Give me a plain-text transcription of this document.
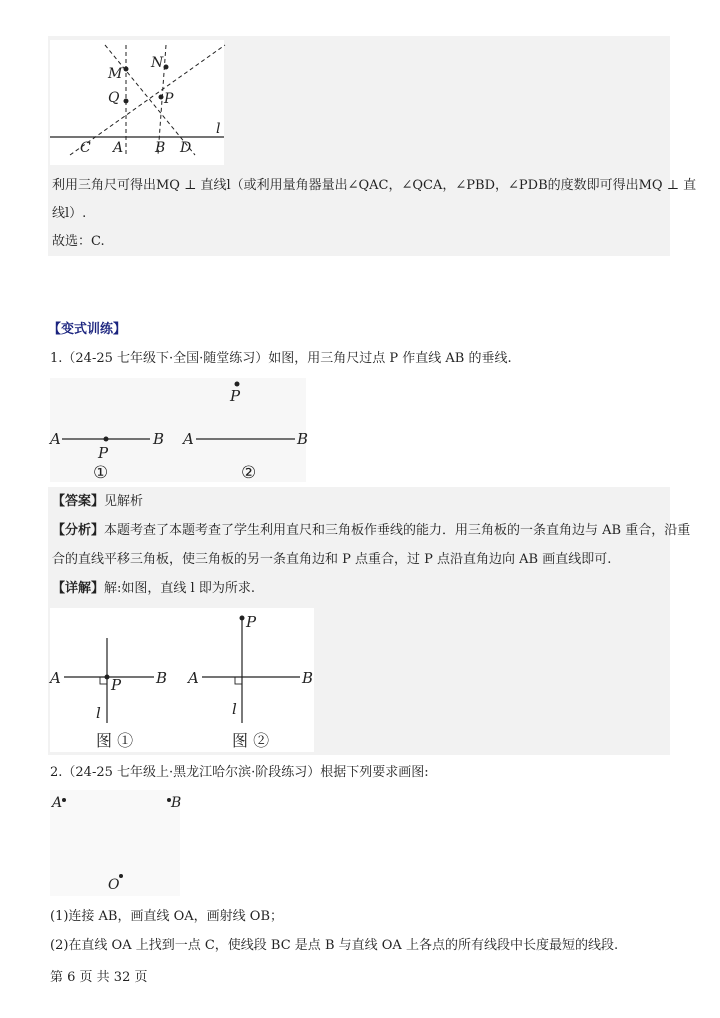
M
N
Q	P
l
C A B D
利用三角尺可得出MQ ⊥ 直线l（或利用量角器量出∠QAC，∠QCA，∠PBD，∠PDB的度数即可得出MQ ⊥ 直
线l）.
故选：C.
【变式训练】
1.（24-25 七年级下·全国·随堂练习）如图，用三角尺过点 P 作直线 AB 的垂线.
A	B
P
①
P
A	B
②
【答案】见解析
【分析】本题考查了本题考查了学生利用直尺和三角板作垂线的能力．用三角板的一条直角边与 AB 重合，沿重
合的直线平移三角板，使三角板的另一条直角边和 P 点重合，过 P 点沿直角边向 AB 画直线即可.
【详解】解:如图，直线 l 即为所求.
A	B
P
l
图 ①
P
A	B
l
图 ②
2.（24-25 七年级上·黑龙江哈尔滨·阶段练习）根据下列要求画图:
A	B
O
(1)连接 AB，画直线 OA，画射线 OB；
(2)在直线 OA 上找到一点 C，使线段 BC 是点 B 与直线 OA 上各点的所有线段中长度最短的线段.
第 6 页 共 32 页
